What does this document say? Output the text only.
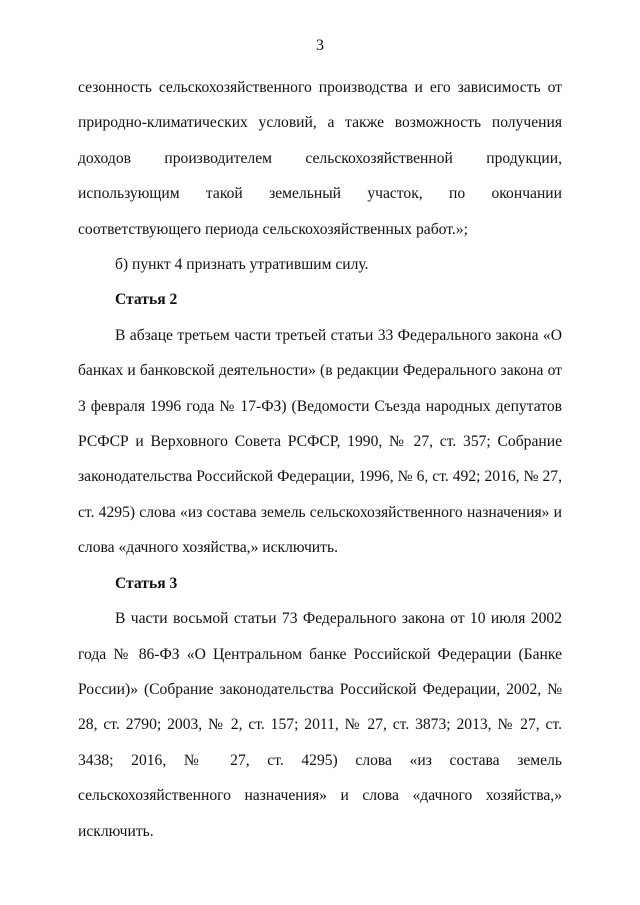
3

сезонность сельскохозяйственного производства и его зависимость от природно-климатических условий, а также возможность получения доходов производителем сельскохозяйственной продукции, использующим такой земельный участок, по окончании соответствующего периода сельскохозяйственных работ.»;

б) пункт 4 признать утратившим силу.

Статья 2

В абзаце третьем части третьей статьи 33 Федерального закона «О банках и банковской деятельности» (в редакции Федерального закона от 3 февраля 1996 года № 17-ФЗ) (Ведомости Съезда народных депутатов РСФСР и Верховного Совета РСФСР, 1990, № 27, ст. 357; Собрание законодательства Российской Федерации, 1996, № 6, ст. 492; 2016, № 27, ст. 4295) слова «из состава земель сельскохозяйственного назначения» и слова «дачного хозяйства,» исключить.

Статья 3

В части восьмой статьи 73 Федерального закона от 10 июля 2002 года № 86-ФЗ «О Центральном банке Российской Федерации (Банке России)» (Собрание законодательства Российской Федерации, 2002, № 28, ст. 2790; 2003, № 2, ст. 157; 2011, № 27, ст. 3873; 2013, № 27, ст. 3438; 2016, № 27, ст. 4295) слова «из состава земель сельскохозяйственного назначения» и слова «дачного хозяйства,» исключить.
